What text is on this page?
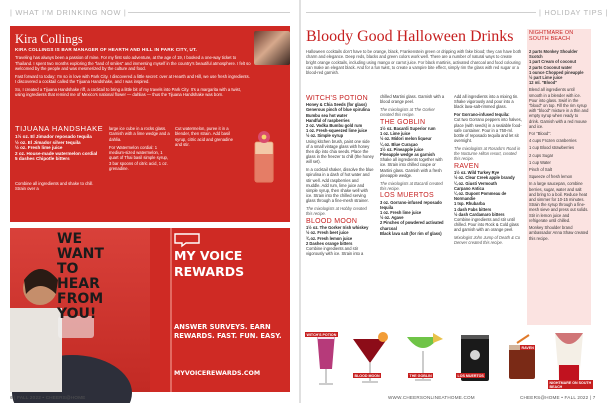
| WHAT I'M DRINKING NOW |
Kira Collings
KIRA COLLINGS IS BAR MANAGER OF HEARTH AND HILL IN PARK CITY, UT.

Traveling has always been a passion of mine. For my first solo adventure, at the age of 19, I booked a one-way ticket to Thailand. I spent two months exploring the "land of smiles" and immersing myself in the country's beautiful atmosphere. I felt so welcomed by the people and was mesmerized by the culture and food.

Fast forward to today: I'm so in love with Park City. I discovered a little secret: over at Hearth and Hill, we use fresh ingredients. I discovered a cocktail called the Tijuana Handshake, and I was inspired.

So, I created a Tijuana Handshake riff, a cocktail to bring a little bit of my travels into Park City. It's a margarita with a twist, using ingredients that remind me of Mexico's national flower — dahlias — thus the Tijuana Handshake was born.

TIJUANA HANDSHAKE
1½ oz. El Jimador reposado tequila
½ oz. El Jimador silver tequila
½ oz. Fresh lime juice
2 oz. House-made watermelon cordial
5 dashes Chipotle bitters

Combine all ingredients and shake to chill. Strain over a

large ice cube in a rocks glass. Garnish with a lime wedge and a dahlia.

For Watermelon cordial: 1 medium-sized watermelon, 1 quart of Thai basil simple syrup, 3 bar spoons of citric acid, 1 oz. grenadine.

Cut watermelon, puree it in a blender, then strain. Add basil syrup, citric acid and grenadine and stir.

WE WANT TO HEAR FROM YOU!
MY VOICE
REWARDS
ANSWER SURVEYS. EARN REWARDS. FAST. FUN. EASY.
MYVOICEREWARDS.COM
6 | FALL 2022 • CHEERS@HOME
| HOLIDAY TIPS |
Bloody Good Halloween Drinks
Halloween cocktails don't have to be orange, black, Frankenstein green or dripping with fake blood; they can have both charm and elegance. Deep reds, blacks and green colors work well. There are a number of natural ways to create bright orange cocktails, including using mango or carrot juice. For black martinis, activated charcoal and food colouring can make an elegant black. And for a fun twist, to create a vampire bite effect, simply rim the glass with red sugar or a blood-red garnish.
WITCH'S POTION
Honey & Chia Seeds (for glass)
Generous pinch of blue spirulina
Bumbu sea hot water
Handful of raspberries
2 oz. Vodka Bumbu gold rum
1 oz. Fresh-squeezed lime juice
½ oz. Simple syrup
Using kitchen brush, paint one side of a small vintage glass with honey then dip into chia seeds. Place the glass in the freezer to chill (the honey will set).
In a cocktail shaker, dissolve the blue spirulina in a dash of hot water and stir well. Add raspberries and muddle. Add rum, lime juice and simple syrup, then shake well with ice. Strain into the chilled serving glass through a fine-mesh strainer.
The mixologists at Hobby created this recipe.
BLOOD MOON
1½ oz. The Gorker Irish whiskey
½ oz. Fresh beet juice
¾ oz. Fresh lemon juice
2 Dashes orange bitters
Combine ingredients and stir vigorously with ice. Strain into a
chilled Martini glass. Garnish with a blood orange peel.
The mixologists at The Gorker created this recipe.
THE GOBLIN
1½ oz. Bacardi Superior rum
1 oz. Lime juice
½ oz. Midori melon liqueur
¼ oz. Blue Curaçao
1½ oz. Pineapple juice
Pineapple wedge as garnish
Shake all ingredients together with ice. Strain into chilled coupe or Martini glass. Garnish with a fresh pineapple wedge.
The mixologists at Bacardi created this recipe.
LOS MUERTOS
3 oz. Gorrano-infused reposado tequila
1 oz. Fresh lime juice
½ oz. Agave
2 Pinches of powdered activated charcoal
Black lava salt (for rim of glass)
Add all ingredients into a mixing tin. Shake vigorously and pour into a black lava-salt-rimmed glass.
For Gorrano-infused tequila:
Cut two Gorrano peppers into halves, place (with seeds) in a sealable food-safe container. Pour in a 750-ml. bottle of reposado tequila and let sit overnight.
The mixologists at Rosado's Road in the Nocturne Hilton resort, created this recipe.
RAVEN
1½ oz. Wild Turkey Rye
½ oz. Clear Creek apple brandy
¼ oz. Giusti Vermouth
Carpano Antica
¼ oz. Dupont Pommeau de Normandie
1 tsp. Rhubarba
1 dash Fabs bitters
½ dash Cardamaro bitters
Combine ingredients and stir until chilled. Pour into Rock & Cold glass and garnish with an orange peel.
Mixologist John Jump of Death & Co Denver created this recipe.
NIGHTMARE ON SOUTH BEACH
2 parts Monkey Shoulder Scotch
1 part Cream of coconut
2 parts Coconut water
1 ounce Chopped pineapple
½ part Lime juice
12 ml. "Blood"

Blend all ingredients until smooth in a blender with ice. Pour into glass. Swirl in the "blood" on top. Fill the rim syrup with "blood" mixture in a thin and empty syrup when ready to drink. Garnish with a red mouse and ice.

For "Blood":

4 cups Frozen cranberries

1 cup Blood strawberries

2 cups Sugar

1 cup Water

Pinch of Salt

Squeeze of fresh lemon

In a large saucepan, combine berries, sugar, water and salt and bring to a boil. Reduce heat and simmer for 10-15 minutes. Strain the syrup through a fine-mesh sieve and press out solids. Stir in lemon juice and refrigerate until chilled.

Monkey Shoulder brand ambassador Anna Shaw created this recipe.

WITCH'S POTION
BLOOD MOON	THE GOBLIN	LOS MUERTOS
RAVEN
NIGHTMARE ON SOUTH BEACH
WWW.CHEERSONLINEATHOME.COM	CHEERS@HOME • FALL 2022 | 7
